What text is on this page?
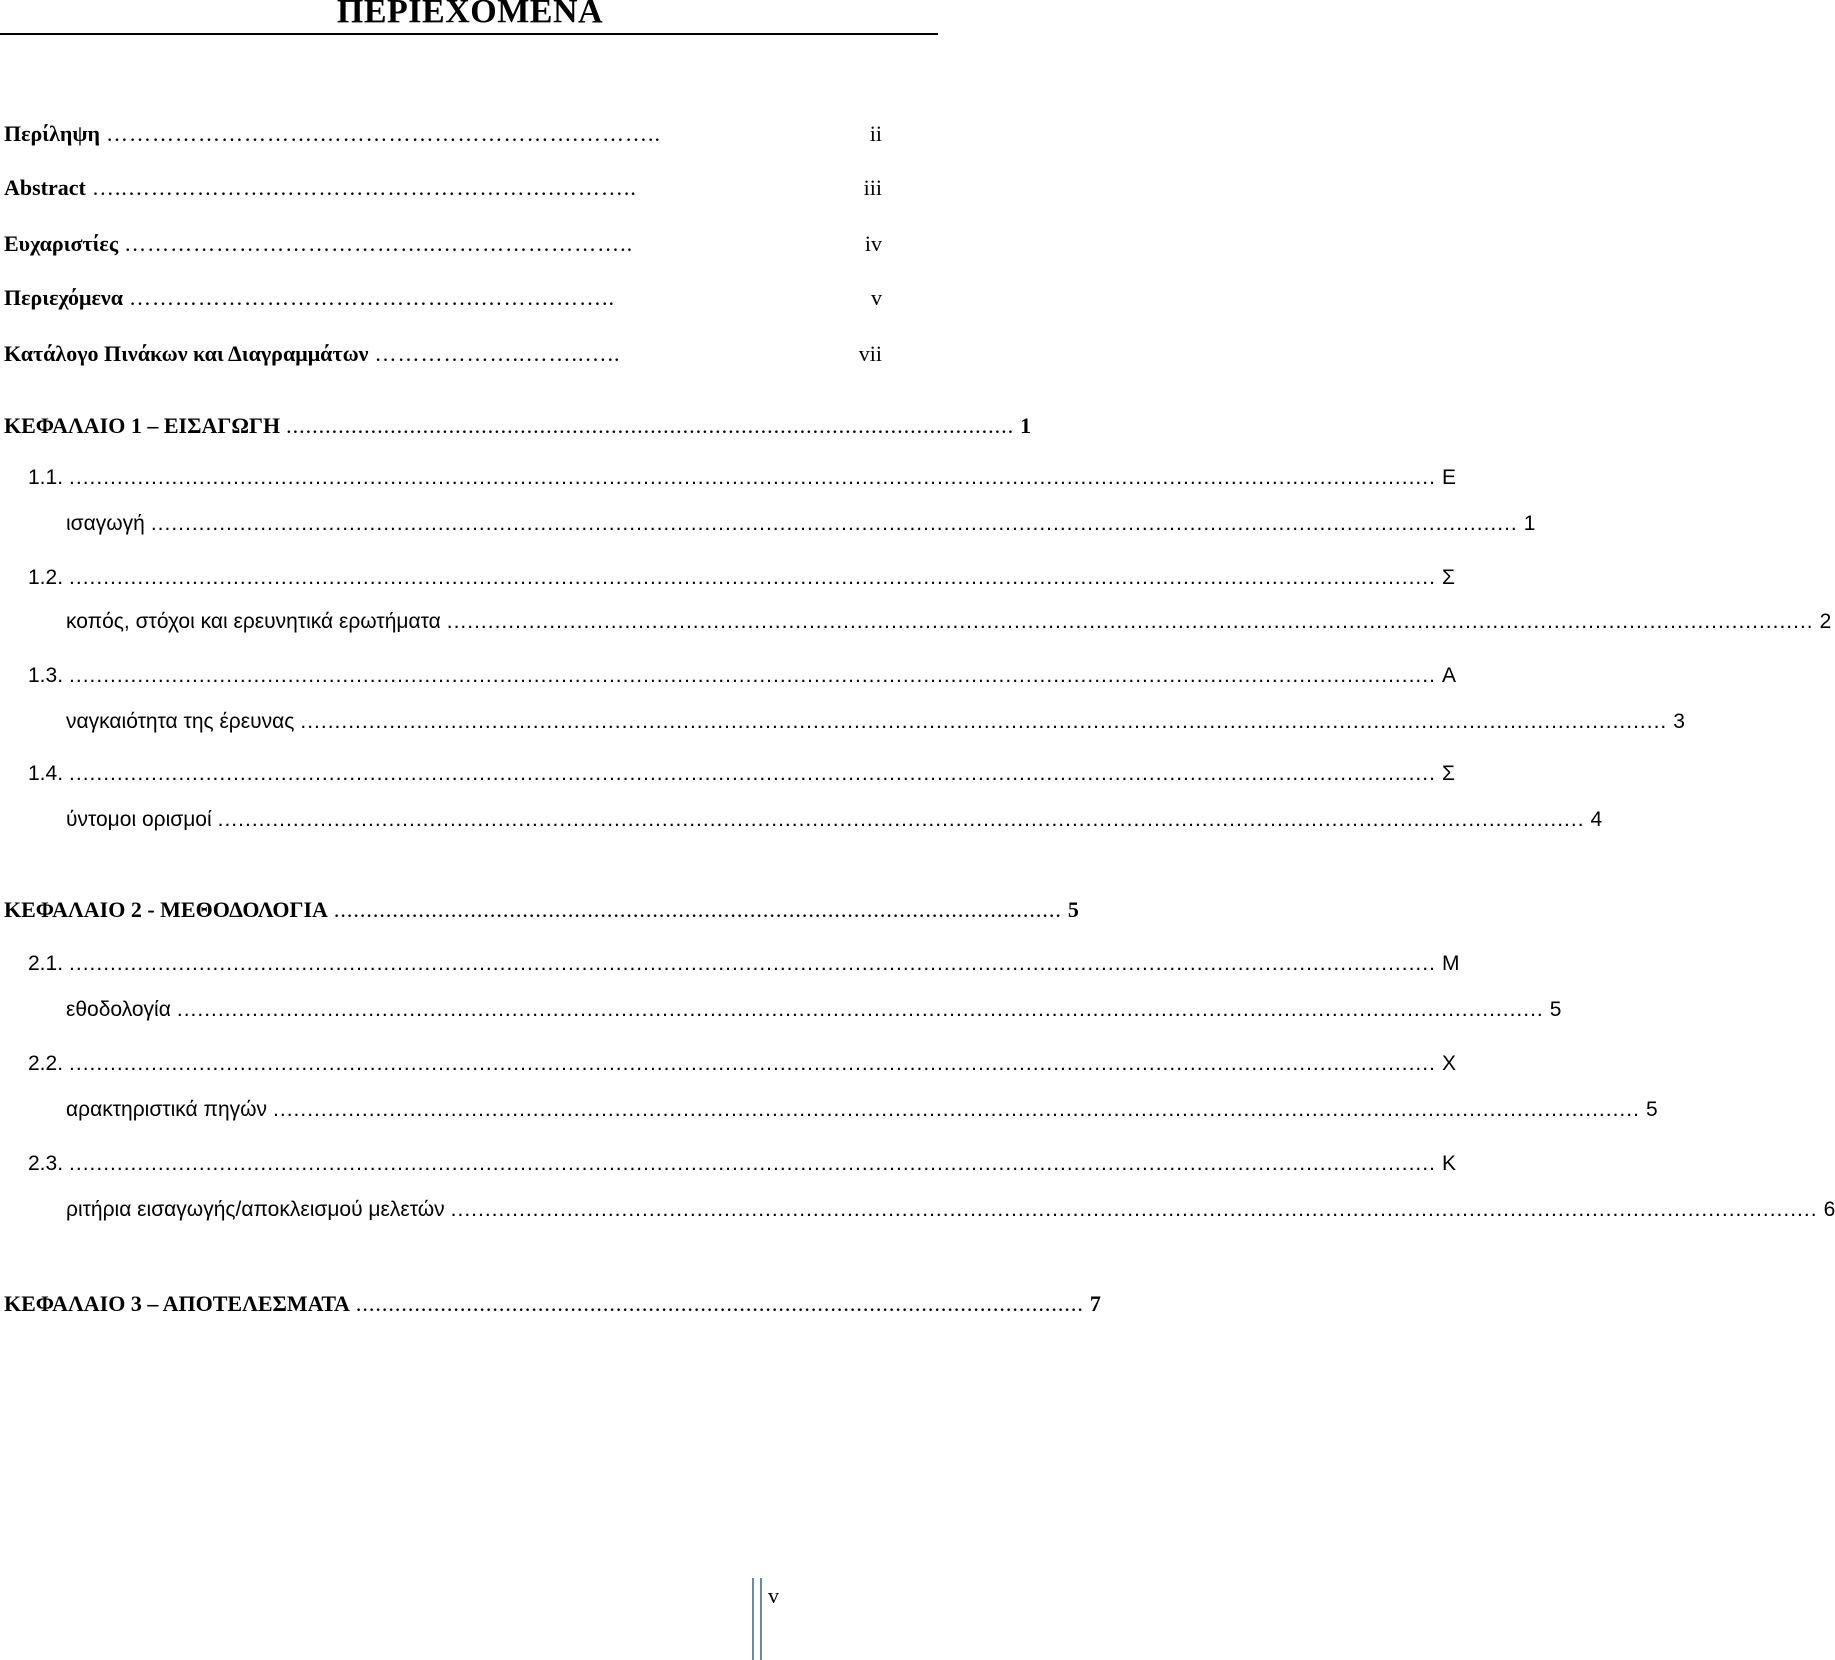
ΠΕΡΙΕΧΟΜΕΝΑ
Περίληψη ……………………….…………………………….………..	ii
Abstract …..……………….……………………………….………..	iii
Ευχαριστίες …………………………………..……………………..	iv
Περιεχόμενα ……………………………………….……….……..	v
Κατάλογο Πινάκων και Διαγραμμάτων ………………..……..…..	vii
ΚΕΦΑΛΑΙΟ 1 – ΕΙΣΑΓΩΓΗ ................................................................................................................ 1
1.1. ........................................................................................................................................................................................................ Ε
ισαγωγή ........................................................................................................................................................................................................ 1
1.2. ........................................................................................................................................................................................................ Σ
κοπός, στόχοι και ερευνητικά ερωτήματα ........................................................................................................................................................................................................ 2
1.3. ........................................................................................................................................................................................................ Α
ναγκαιότητα της έρευνας ........................................................................................................................................................................................................ 3
1.4. ........................................................................................................................................................................................................ Σ
ύντομοι ορισμοί ........................................................................................................................................................................................................ 4
ΚΕΦΑΛΑΙΟ 2 - ΜΕΘΟΔΟΛΟΓΙΑ ................................................................................................................ 5
2.1. ........................................................................................................................................................................................................ Μ
εθοδολογία ........................................................................................................................................................................................................ 5
2.2. ........................................................................................................................................................................................................ Χ
αρακτηριστικά πηγών ........................................................................................................................................................................................................ 5
2.3. ........................................................................................................................................................................................................ Κ
ριτήρια εισαγωγής/αποκλεισμού μελετών ........................................................................................................................................................................................................ 6
ΚΕΦΑΛΑΙΟ 3 – ΑΠΟΤΕΛΕΣΜΑΤΑ ................................................................................................................ 7
v
